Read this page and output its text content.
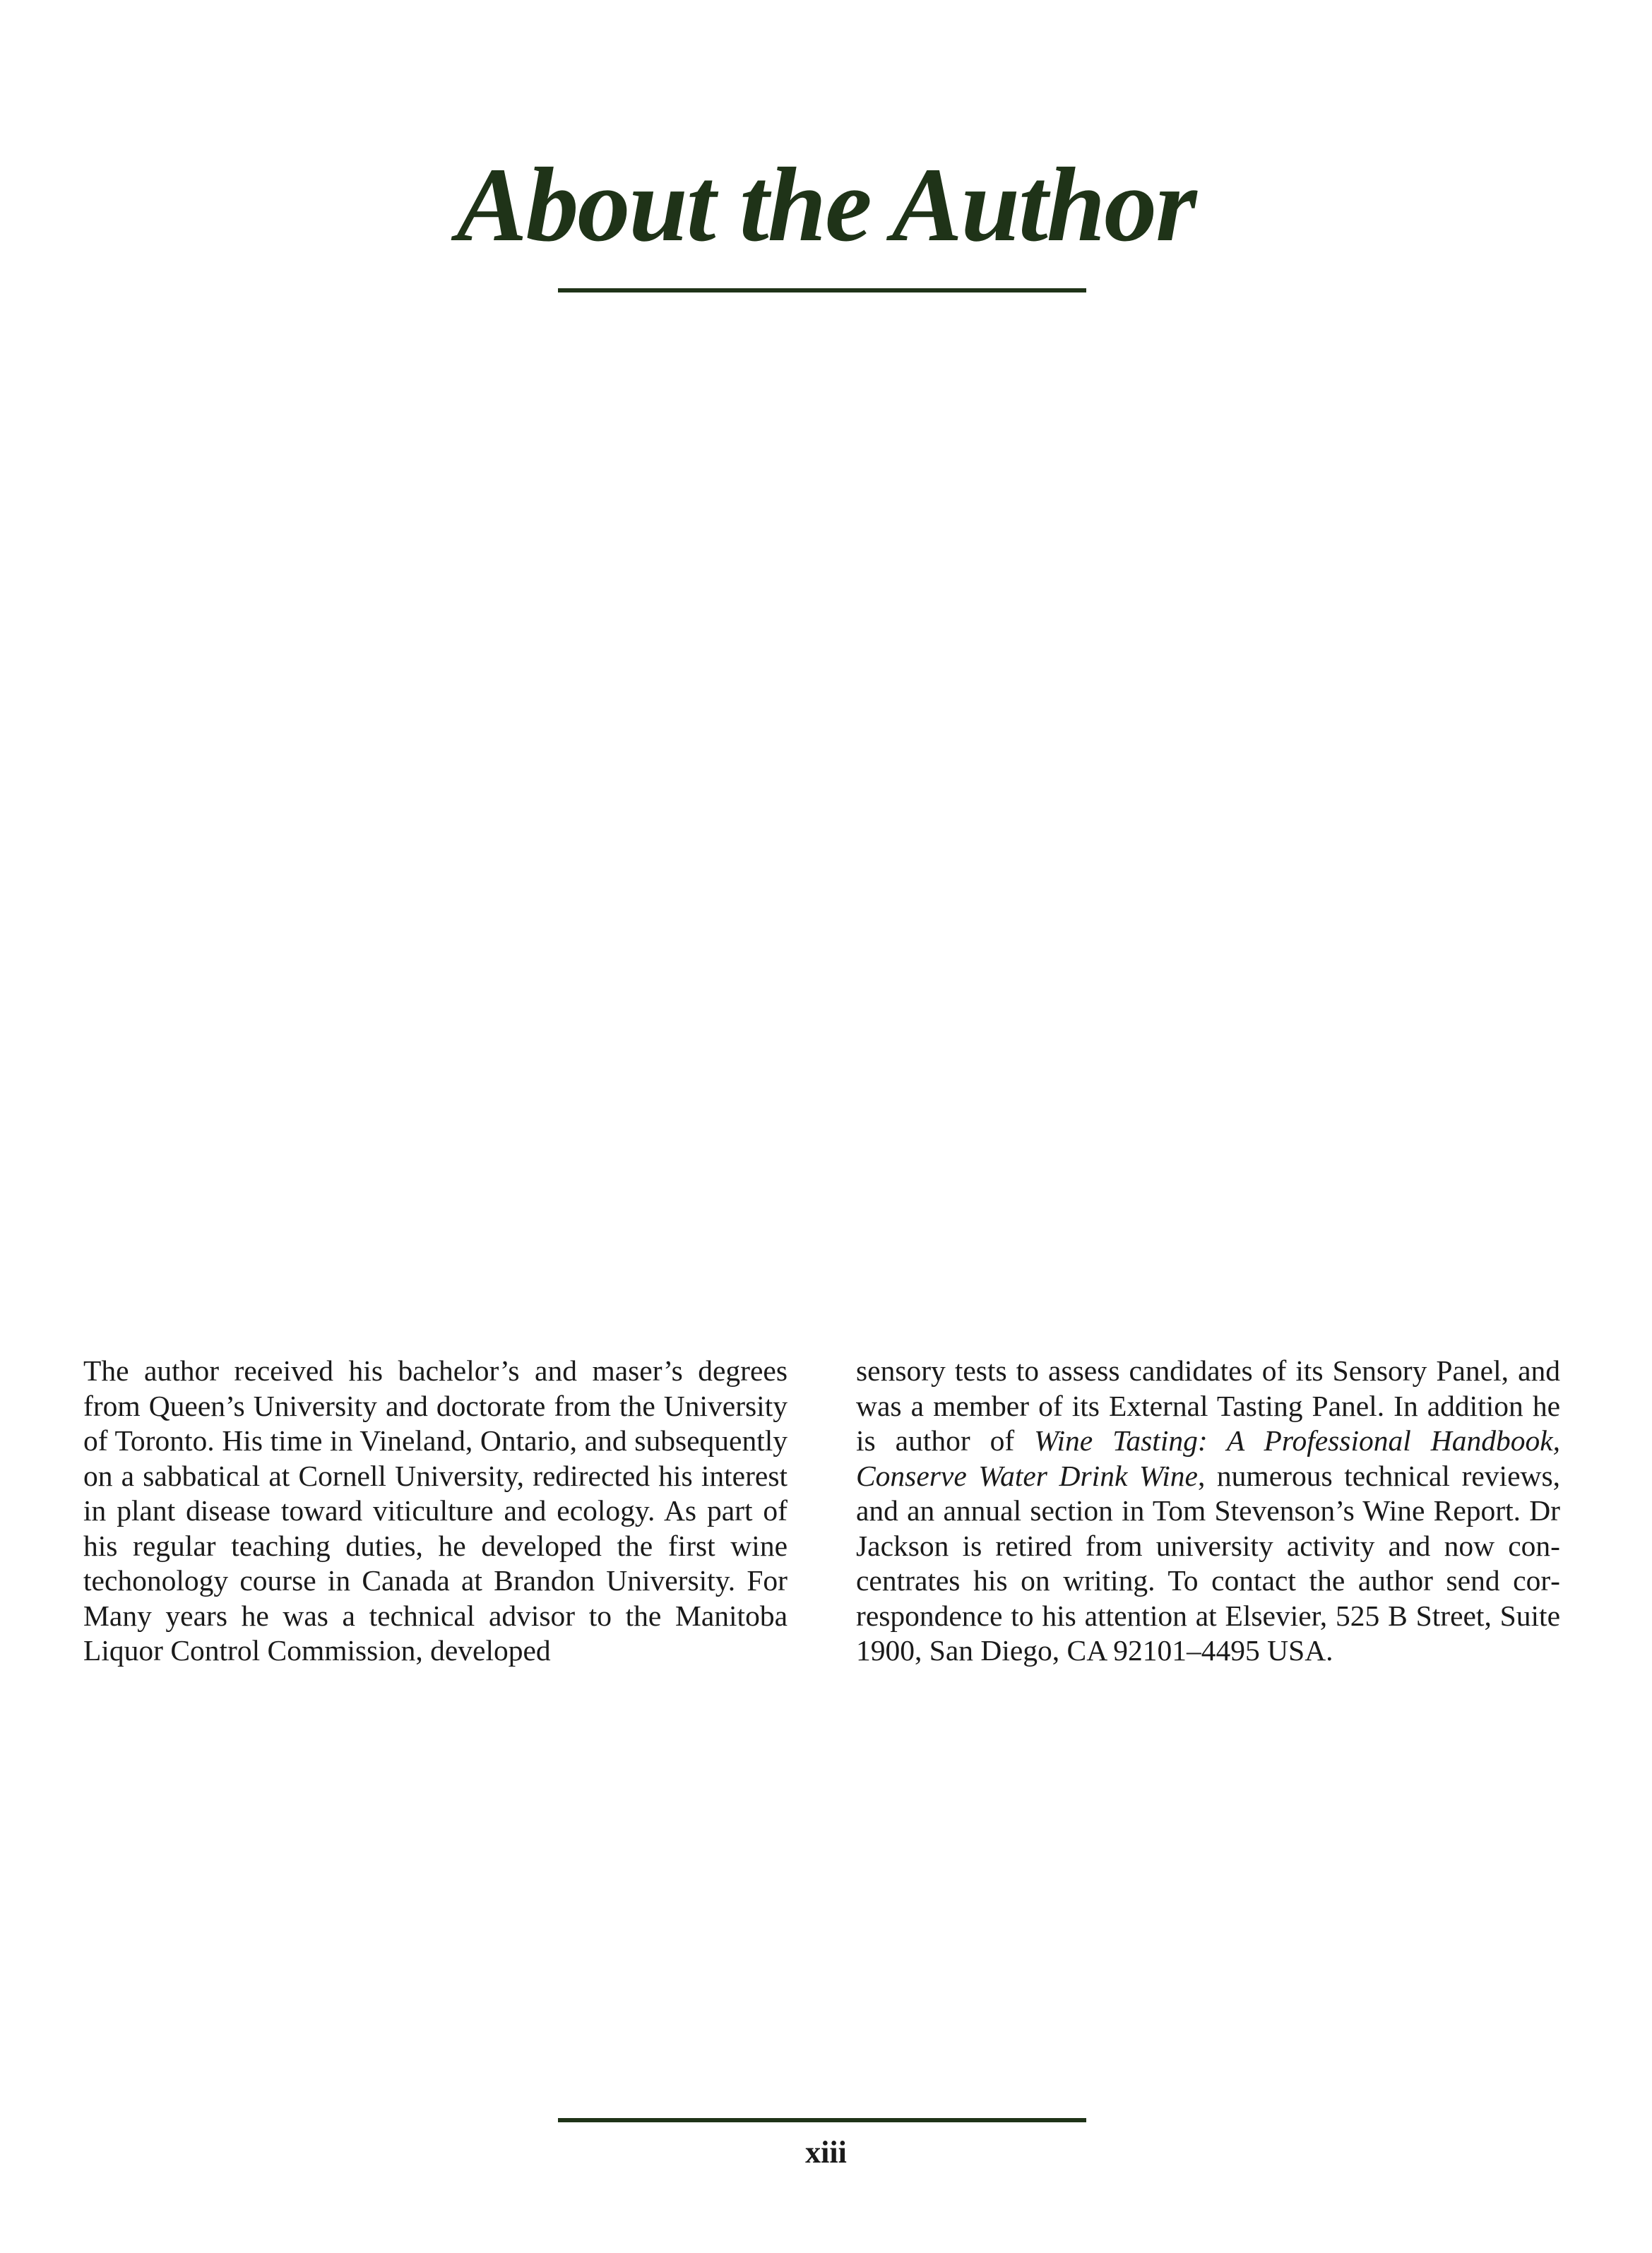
About the Author

The author received his bachelor’s and maser’s degrees from Queen’s University and doctorate from the University of Toronto. His time in Vineland, Ontario, and subsequently on a sabbatical at Cornell University, redirected his interest in plant disease toward viticulture and ecology. As part of his regular teaching duties, he developed the first wine techonology course in Canada at Brandon University. For Many years he was a technical advisor to the Manitoba Liquor Control Commission, developed

sensory tests to assess candidates of its Sensory Panel, and was a member of its External Tasting Panel. In addition he is author of Wine Tasting: A Professional Handbook, Conserve Water Drink Wine, numerous technical reviews, and an annual section in Tom Stevenson’s Wine Report. Dr Jackson is retired from university activity and now concentrates his on writing. To contact the author send correspondence to his attention at Elsevier, 525 B Street, Suite 1900, San Diego, CA 92101–4495 USA.

xiii
